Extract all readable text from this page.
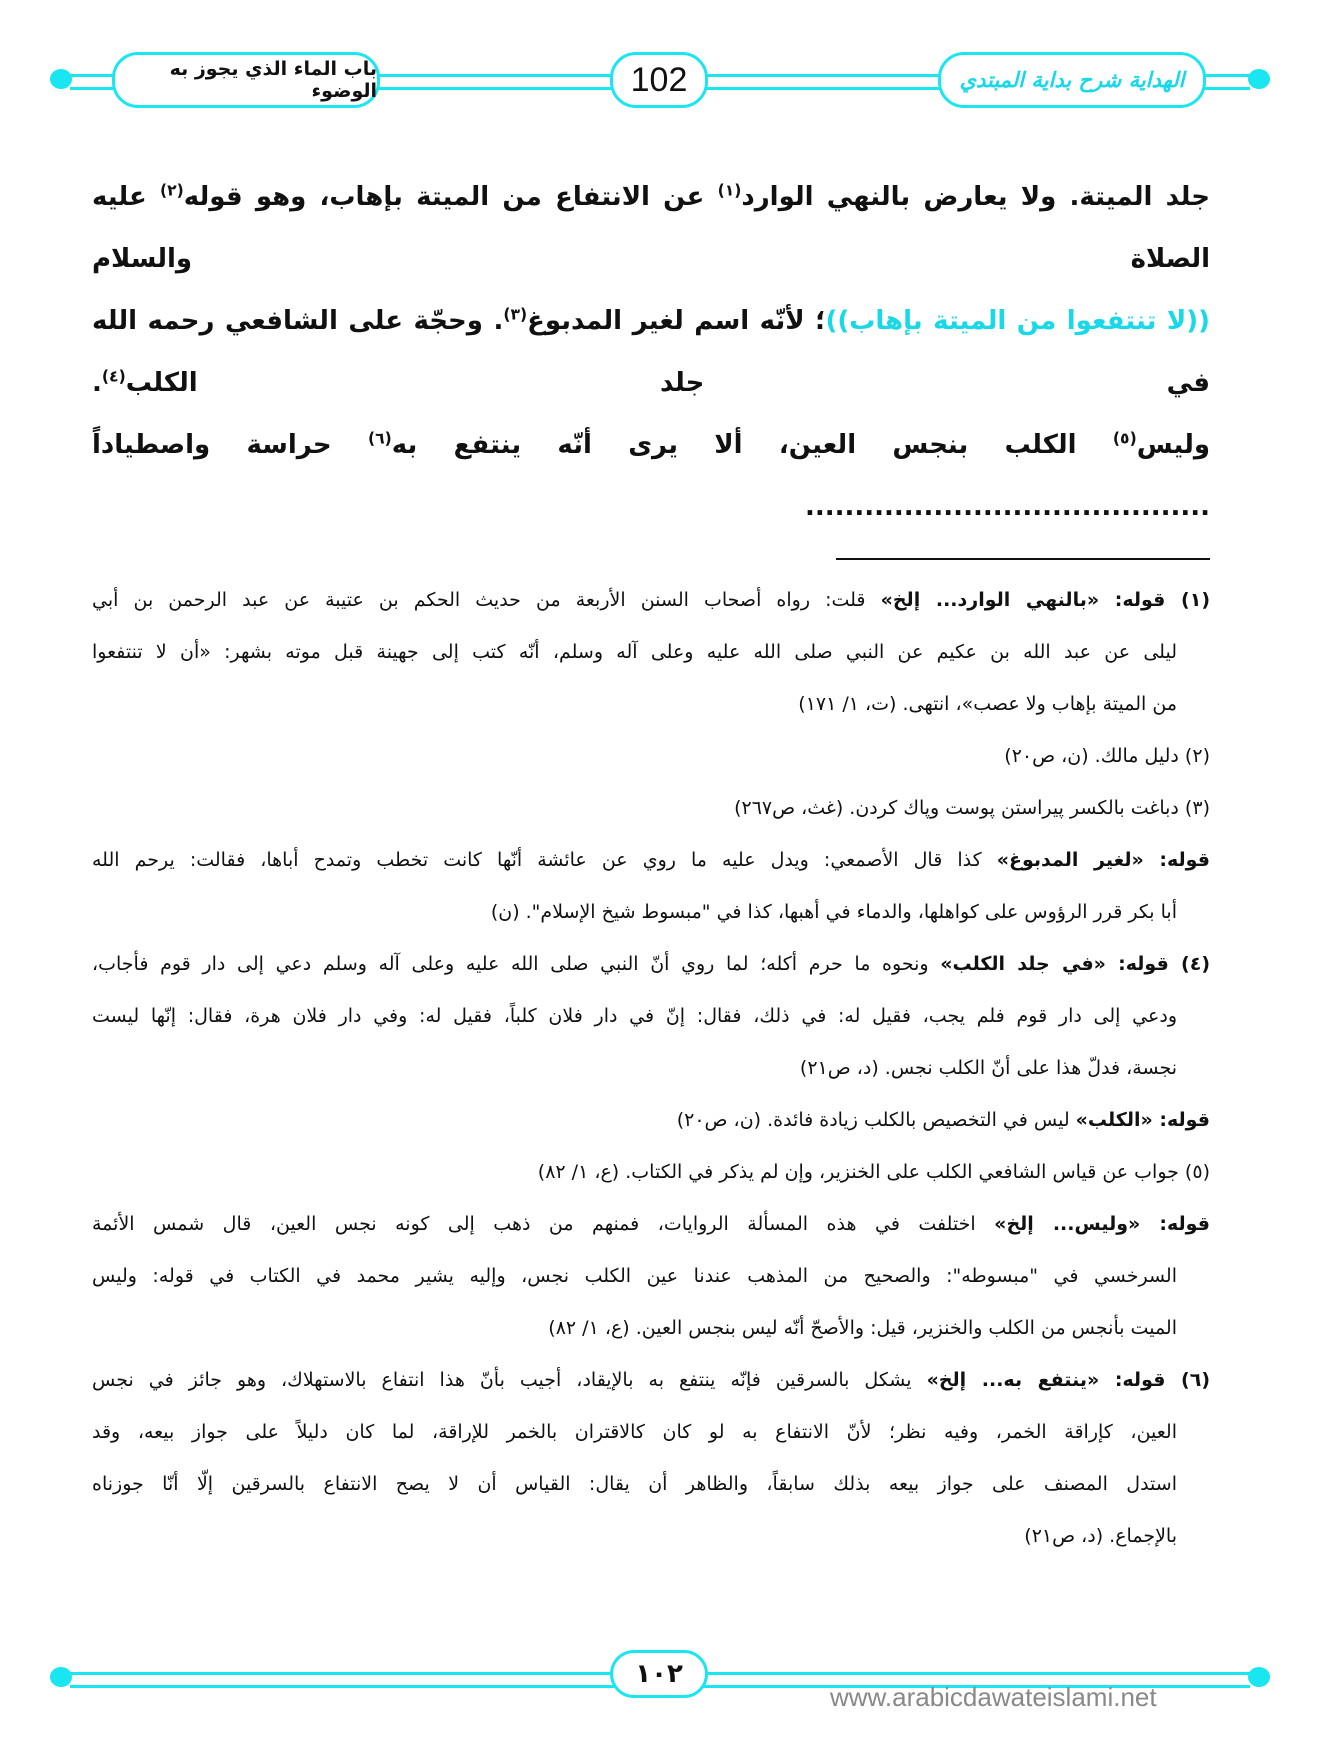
باب الماء الذي يجوز به الوضوء	102	الهداية شرح بداية المبتدي
جلد الميتة. ولا يعارض بالنهي الوارد$^{(١)}$ عن الانتفاع من الميتة بإهاب، وهو قوله$^{(٢)}$ عليه الصلاة والسلام
((لا تنتفعوا من الميتة بإهاب))؛ لأنّه اسم لغير المدبوغ$^{(٣)}$. وحجّة على الشافعي رحمه الله في جلد الكلب$^{(٤)}$.
وليس$^{(٥)}$ الكلب بنجس العين، ألا يرى أنّه ينتفع به$^{(٦)}$ حراسة واصطياداً .........................................
(١) قوله: «بالنهي الوارد... إلخ» قلت: رواه أصحاب السنن الأربعة من حديث الحكم بن عتيبة عن عبد الرحمن بن أبي
ليلى عن عبد الله بن عكيم عن النبي صلى الله عليه وعلى آله وسلم، أنّه كتب إلى جهينة قبل موته بشهر: «أن لا تنتفعوا
من الميتة بإهاب ولا عصب»، انتهى. (ت، ١/ ١٧١)
(٢) دليل مالك. (ن، ص٢٠)
(٣) دباغت بالكسر پيراستن پوست وپاك كردن. (غث، ص٢٦٧)
قوله: «لغير المدبوغ» كذا قال الأصمعي: ويدل عليه ما روي عن عائشة أنّها كانت تخطب وتمدح أباها، فقالت: يرحم الله
أبا بكر قرر الرؤوس على كواهلها، والدماء في أهبها، كذا في "مبسوط شيخ الإسلام". (ن)
(٤) قوله: «في جلد الكلب» ونحوه ما حرم أكله؛ لما روي أنّ النبي صلى الله عليه وعلى آله وسلم دعي إلى دار قوم فأجاب،
ودعي إلى دار قوم فلم يجب، فقيل له: في ذلك، فقال: إنّ في دار فلان كلباً، فقيل له: وفي دار فلان هرة، فقال: إنّها ليست
نجسة، فدلّ هذا على أنّ الكلب نجس. (د، ص٢١)
قوله: «الكلب» ليس في التخصيص بالكلب زيادة فائدة. (ن، ص٢٠)
(٥) جواب عن قياس الشافعي الكلب على الخنزير، وإن لم يذكر في الكتاب. (ع، ١/ ٨٢)
قوله: «وليس... إلخ» اختلفت في هذه المسألة الروايات، فمنهم من ذهب إلى كونه نجس العين، قال شمس الأئمة
السرخسي في "مبسوطه": والصحيح من المذهب عندنا عين الكلب نجس، وإليه يشير محمد في الكتاب في قوله: وليس
الميت بأنجس من الكلب والخنزير، قيل: والأصحّ أنّه ليس بنجس العين. (ع، ١/ ٨٢)
(٦) قوله: «ينتفع به... إلخ» يشكل بالسرقين فإنّه ينتفع به بالإيقاد، أجيب بأنّ هذا انتفاع بالاستهلاك، وهو جائز في نجس
العين، كإراقة الخمر، وفيه نظر؛ لأنّ الانتفاع به لو كان كالاقتران بالخمر للإراقة، لما كان دليلاً على جواز بيعه، وقد
استدل المصنف على جواز بيعه بذلك سابقاً، والظاهر أن يقال: القياس أن لا يصح الانتفاع بالسرقين إلّا أنّا جوزناه
بالإجماع. (د، ص٢١)
١٠٢
www.arabicdawateislami.net
